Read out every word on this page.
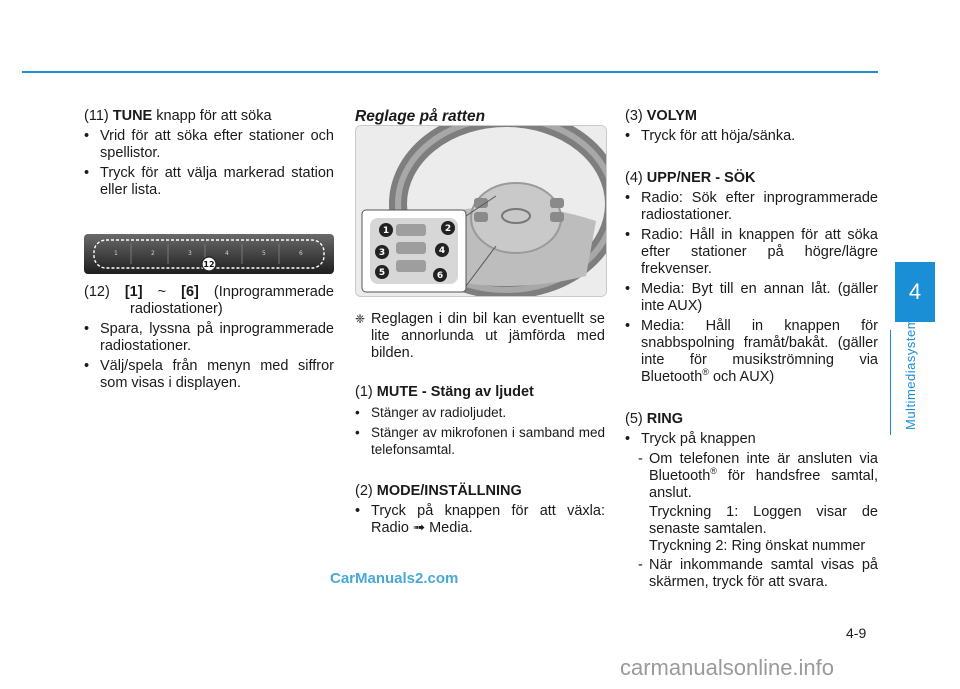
4
Multimediasystem

(11) TUNE knapp för att söka

• Vrid för att söka efter stationer och spellistor.
• Tryck för att välja markerad station eller lista.
1	2	3	4	5	6
12

(12) [1] ~ [6] (Inprogrammerade radiostationer)

• Spara, lyssna på inprogrammerade radiostationer.
• Välj/spela från menyn med siffror som visas i displayen.

Reglage på ratten

1	2
3	4
5	6

❈ Reglagen i din bil kan eventuellt se lite annorlunda ut jämförda med bilden.

(1) MUTE - Stäng av ljudet

• Stänger av radioljudet.
• Stänger av mikrofonen i samband med telefonsamtal.

(2) MODE/INSTÄLLNING

• Tryck på knappen för att växla: Radio ➟ Media.

(3) VOLYM

• Tryck för att höja/sänka.

(4) UPP/NER - SÖK

• Radio: Sök efter inprogrammerade radiostationer.
• Radio: Håll in knappen för att söka efter stationer på högre/lägre frekvenser.
• Media: Byt till en annan låt. (gäller inte AUX)
• Media: Håll in knappen för snabbspolning framåt/bakåt. (gäller inte för musikströmning via Bluetooth® och AUX)

(5) RING

• Tryck på knappen
- Om telefonen inte är ansluten via Bluetooth® för handsfree samtal, anslut.

Tryckning 1: Loggen visar de senaste samtalen.

Tryckning 2: Ring önskat nummer

- När inkommande samtal visas på skärmen, tryck för att svara.
CarManuals2.com
4-9
carmanualsonline.info
